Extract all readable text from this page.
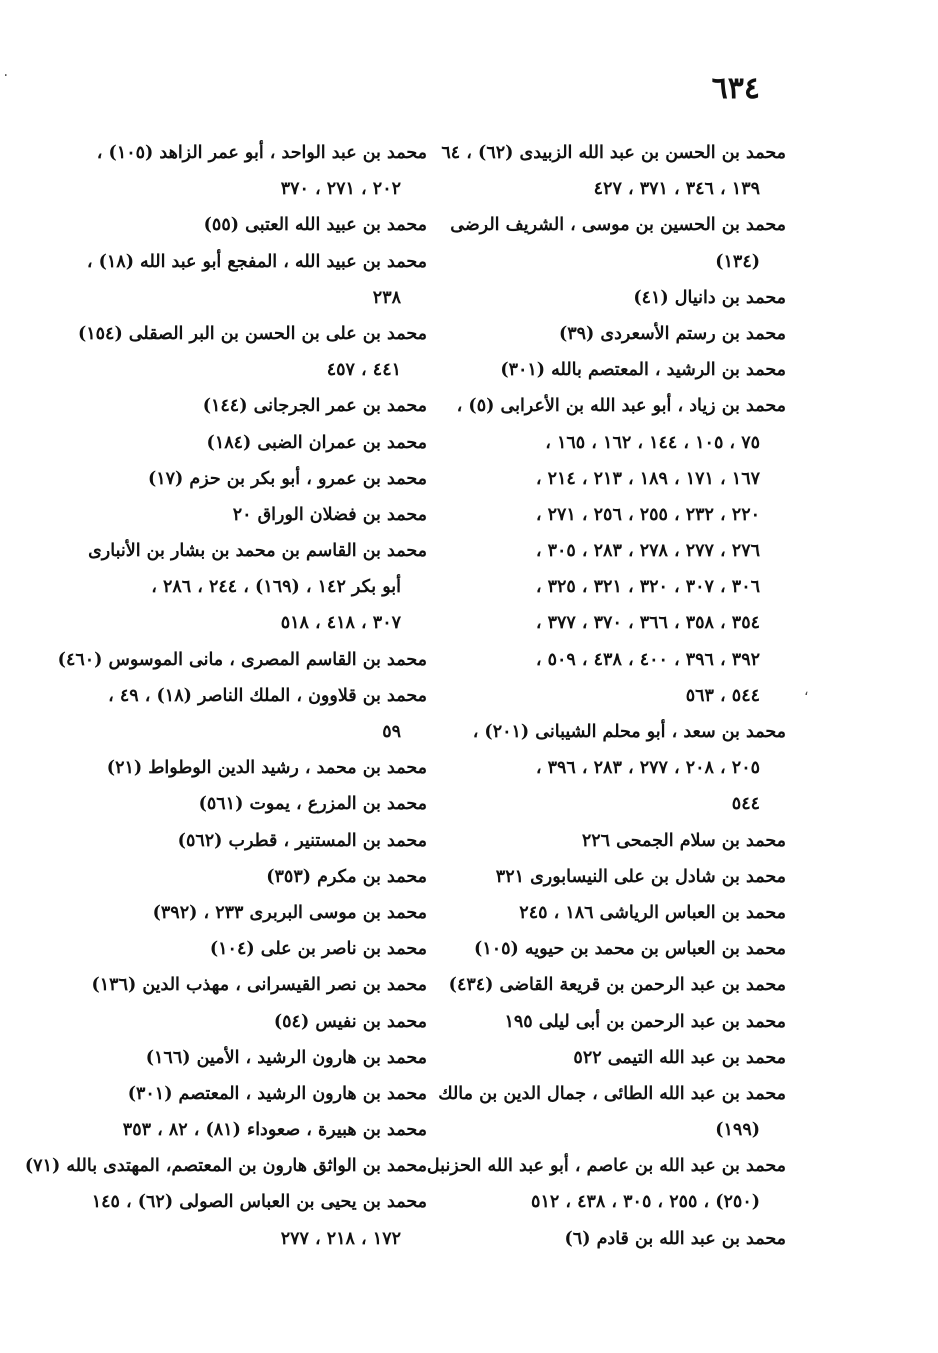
٦٣٤
محمد بن الحسن بن عبد الله الزبيدى (٦٢) ، ٦٤
١٣٩ ، ٣٤٦ ، ٣٧١ ، ٤٢٧
محمد بن الحسين بن موسى ، الشريف الرضى
(١٣٤)
محمد بن دانيال (٤١)
محمد بن رستم الأسعردى (٣٩)
محمد بن الرشيد ، المعتصم بالله (٣٠١)
محمد بن زياد ، أبو عبد الله بن الأعرابى (٥) ،
٧٥ ، ١٠٥ ، ١٤٤ ، ١٦٢ ، ١٦٥ ،
١٦٧ ، ١٧١ ، ١٨٩ ، ٢١٣ ، ٢١٤ ،
٢٢٠ ، ٢٣٢ ، ٢٥٥ ، ٢٥٦ ، ٢٧١ ،
٢٧٦ ، ٢٧٧ ، ٢٧٨ ، ٢٨٣ ، ٣٠٥ ،
٣٠٦ ، ٣٠٧ ، ٣٢٠ ، ٣٢١ ، ٣٢٥ ،
٣٥٤ ، ٣٥٨ ، ٣٦٦ ، ٣٧٠ ، ٣٧٧ ،
٣٩٢ ، ٣٩٦ ، ٤٠٠ ، ٤٣٨ ، ٥٠٩ ،
٥٤٤ ، ٥٦٣
محمد بن سعد ، أبو محلم الشيبانى (٢٠١) ،
٢٠٥ ، ٢٠٨ ، ٢٧٧ ، ٢٨٣ ، ٣٩٦ ،
٥٤٤
محمد بن سلام الجمحى ٢٢٦
محمد بن شادل بن على النيسابورى ٣٢١
محمد بن العباس الرياشى ١٨٦ ، ٢٤٥
محمد بن العباس بن محمد بن حيويه (١٠٥)
محمد بن عبد الرحمن بن قريعة القاضى (٤٣٤)
محمد بن عبد الرحمن بن أبى ليلى ١٩٥
محمد بن عبد الله التيمى ٥٢٢
محمد بن عبد الله الطائى ، جمال الدين بن مالك
(١٩٩)
محمد بن عبد الله بن عاصم ، أبو عبد الله الحزنبل
(٢٥٠) ، ٢٥٥ ، ٣٠٥ ، ٤٣٨ ، ٥١٢
محمد بن عبد الله بن قادم (٦)
محمد بن عبد الواحد ، أبو عمر الزاهد (١٠٥) ،
٢٠٢ ، ٢٧١ ، ٣٧٠
محمد بن عبيد الله العتبى (٥٥)
محمد بن عبيد الله ، المفجع أبو عبد الله (١٨) ،
٢٣٨
محمد بن على بن الحسن بن البر الصقلى (١٥٤)
٤٤١ ، ٤٥٧
محمد بن عمر الجرجانى (١٤٤)
محمد بن عمران الضبى (١٨٤)
محمد بن عمرو ، أبو بكر بن حزم (١٧)
محمد بن فضلان الوراق ٢٠
محمد بن القاسم بن محمد بن بشار بن الأنبارى
أبو بكر ١٤٢ ، (١٦٩) ، ٢٤٤ ، ٢٨٦ ،
٣٠٧ ، ٤١٨ ، ٥١٨
محمد بن القاسم المصرى ، مانى الموسوس (٤٦٠)
محمد بن قلاوون ، الملك الناصر (١٨) ، ٤٩ ،
٥٩
محمد بن محمد ، رشيد الدين الوطواط (٢١)
محمد بن المزرع ، يموت (٥٦١)
محمد بن المستنير ، قطرب (٥٦٢)
محمد بن مكرم (٣٥٣)
محمد بن موسى البربرى ٢٣٣ ، (٣٩٢)
محمد بن ناصر بن على (١٠٤)
محمد بن نصر القيسرانى ، مهذب الدين (١٣٦)
محمد بن نفيس (٥٤)
محمد بن هارون الرشيد ، الأمين (١٦٦)
محمد بن هارون الرشيد ، المعتصم (٣٠١)
محمد بن هبيرة ، صعوداء (٨١) ، ٨٢ ، ٣٥٣
محمد بن الواثق هارون بن المعتصم، المهتدى بالله (٧١)
محمد بن يحيى بن العباس الصولى (٦٢) ، ١٤٥
١٧٢ ، ٢١٨ ، ٢٧٧
٠
،
